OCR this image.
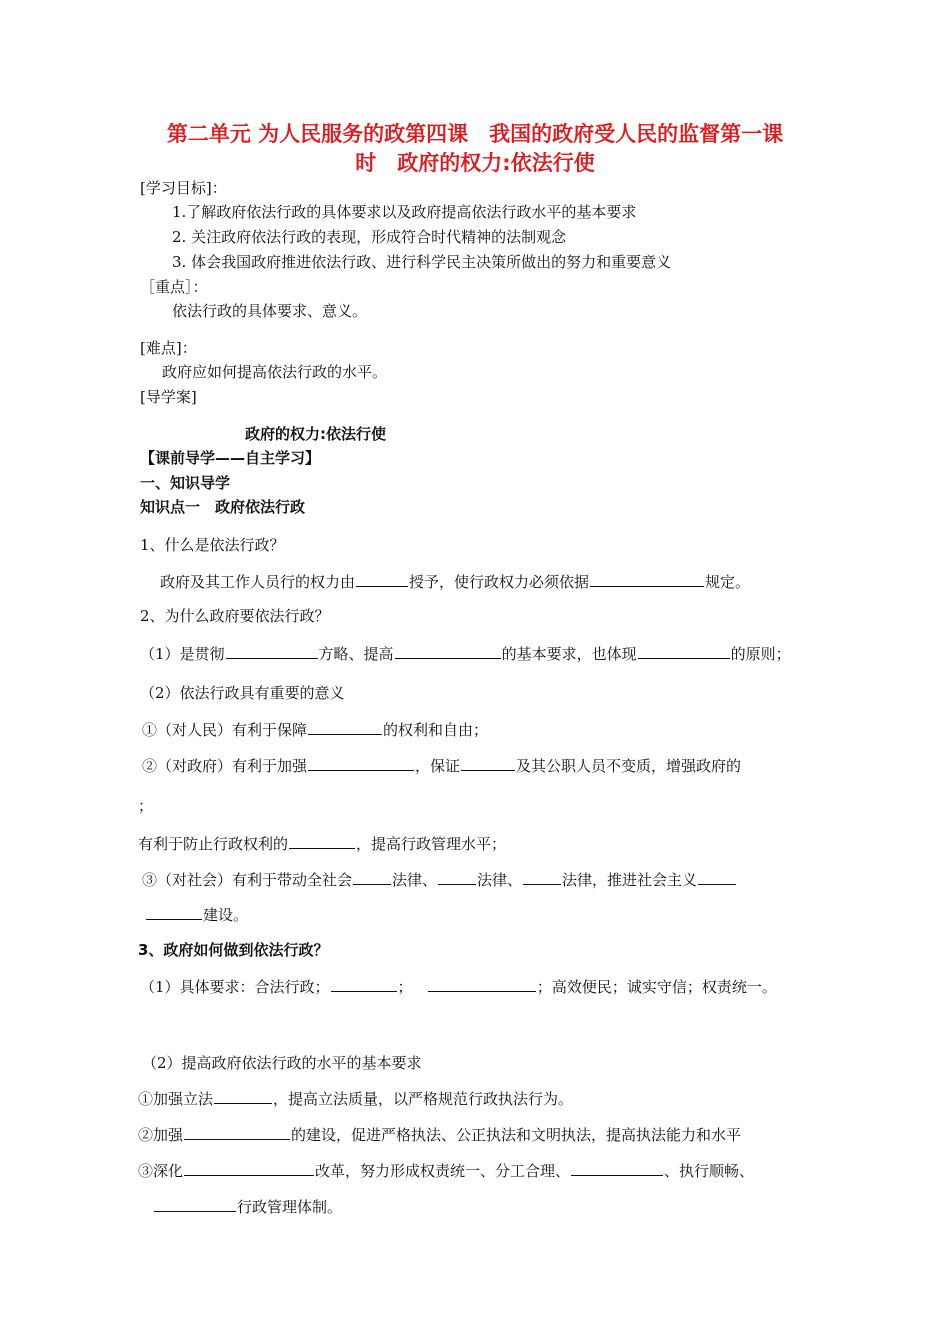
第二单元 为人民服务的政第四课　我国的政府受人民的监督第一课
时　政府的权力:依法行使
[学习目标]：
1.了解政府依法行政的具体要求以及政府提高依法行政水平的基本要求
2. 关注政府依法行政的表现，形成符合时代精神的法制观念
3. 体会我国政府推进依法行政、进行科学民主决策所做出的努力和重要意义
［重点］：
依法行政的具体要求、意义。
[难点]：
政府应如何提高依法行政的水平。
[导学案]
政府的权力:依法行使
【课前导学——自主学习】
一、知识导学
知识点一　政府依法行政
1、什么是依法行政？
政府及其工作人员行的权力由	授予，使行政权力必须依据	规定。
2、为什么政府要依法行政？
（1）是贯彻	方略、提高	的基本要求，也体现	的原则；
（2）依法行政具有重要的意义
①（对人民）有利于保障	的权利和自由；
②（对政府）有利于加强	，保证	及其公职人员不变质，增强政府的
；
有利于防止行政权利的	，提高行政管理水平；
③（对社会）有利于带动全社会	法律、	法律、	法律，推进社会主义
建设。
3、政府如何做到依法行政？
（1）具体要求：合法行政；	；	；高效便民；诚实守信；权责统一。
（2）提高政府依法行政的水平的基本要求
①加强立法	，提高立法质量，以严格规范行政执法行为。
②加强	的建设，促进严格执法、公正执法和文明执法，提高执法能力和水平
③深化	改革，努力形成权责统一、分工合理、	、执行顺畅、
行政管理体制。
